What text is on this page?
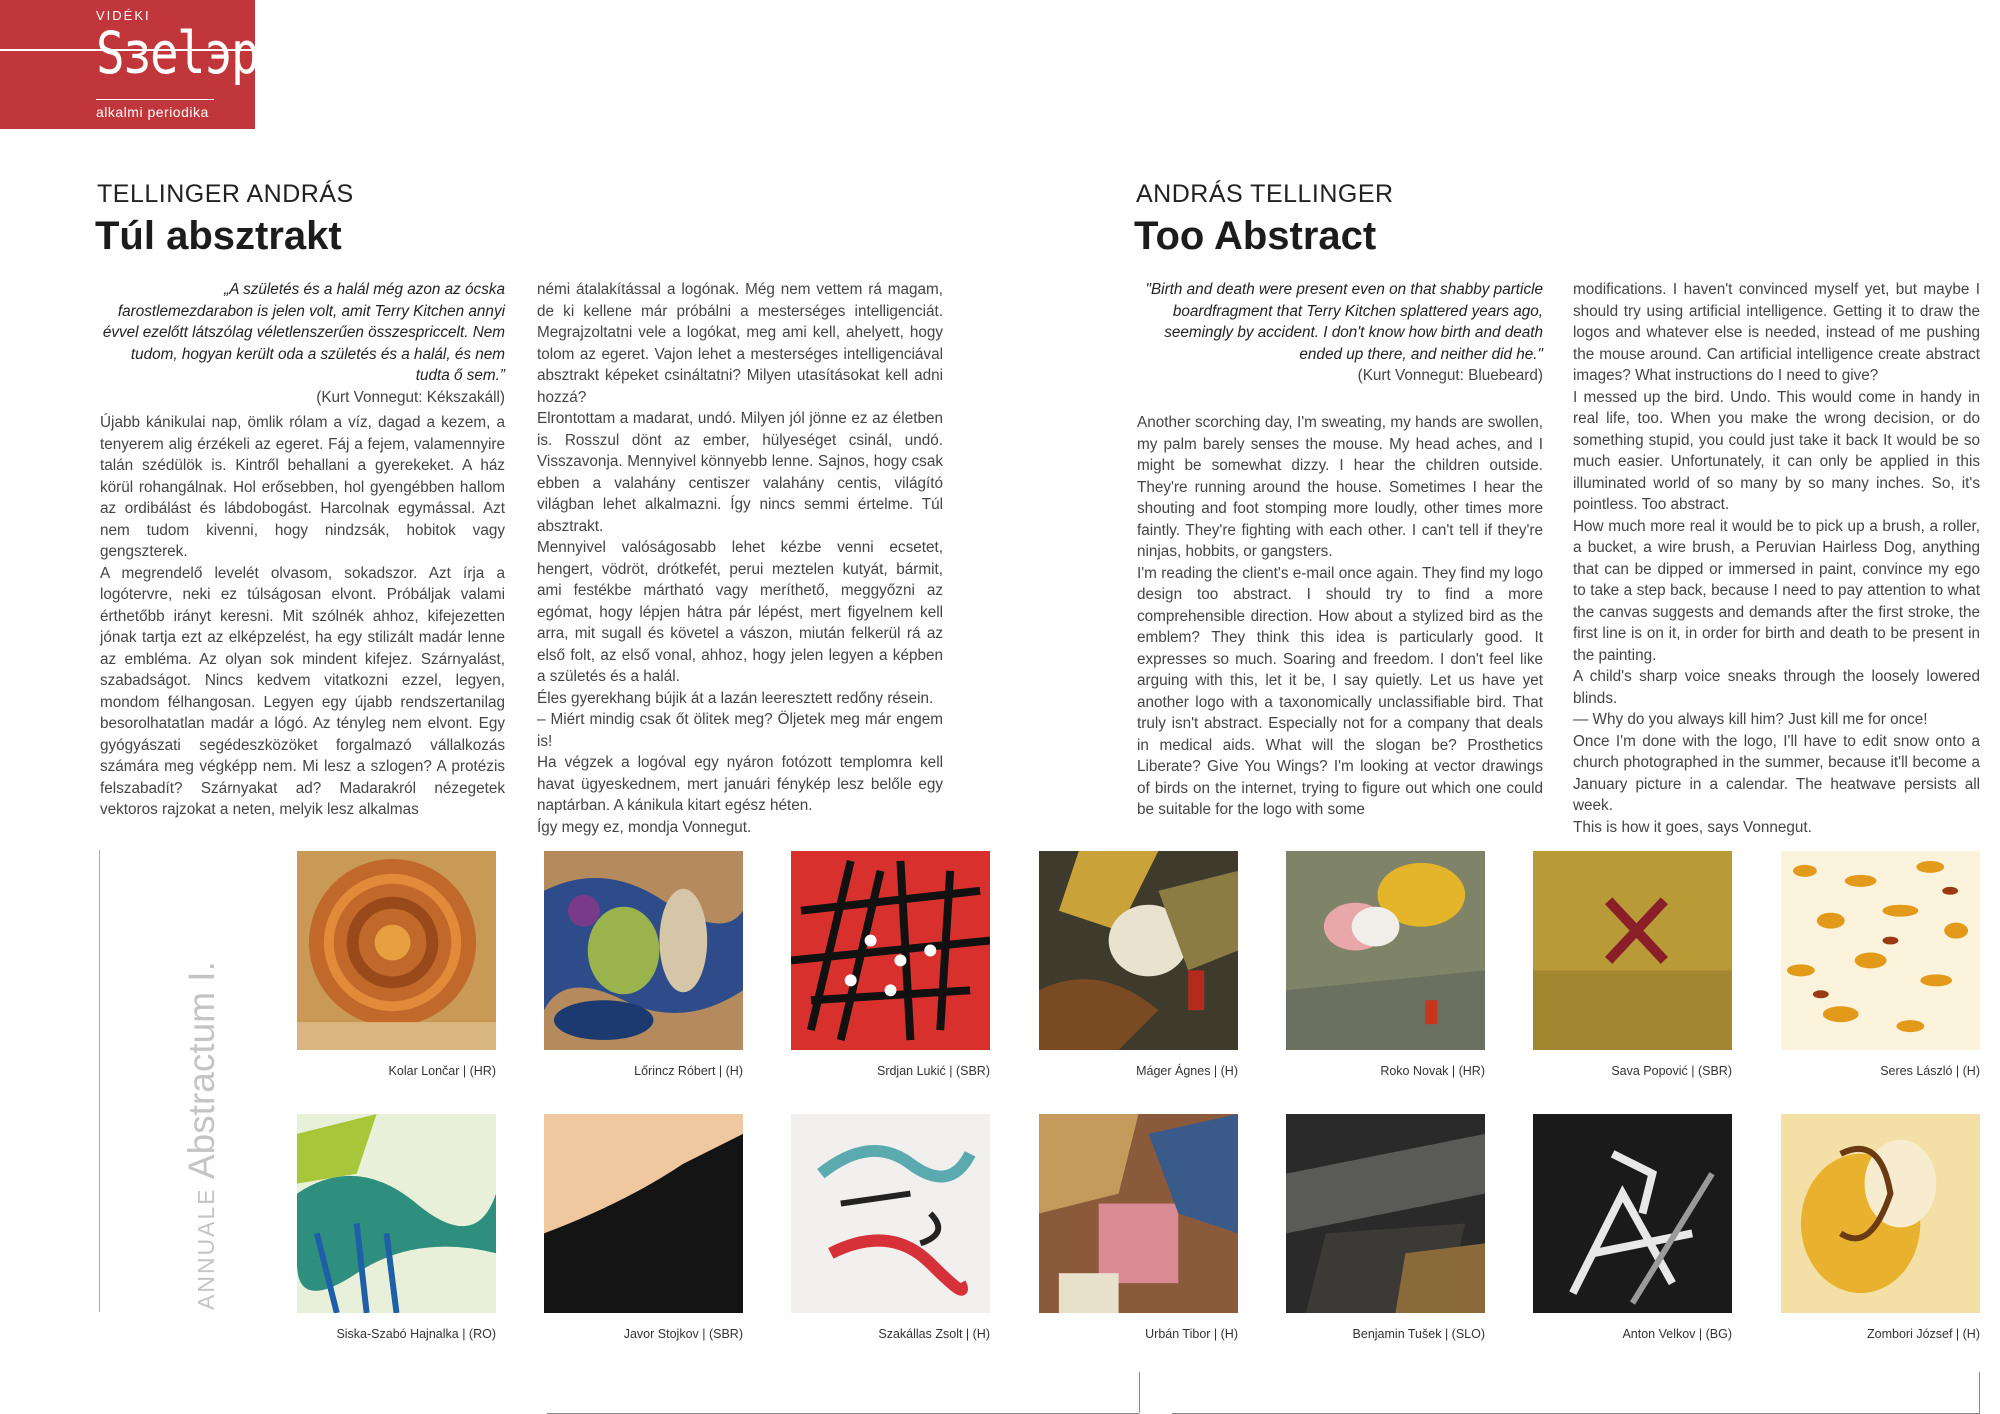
VIDÉKI
Sзelэp
alkalmi periodika
TELLINGER ANDRÁS
Túl absztrakt
„A születés és a halál még azon az ócska farostlemezdarabon is jelen volt, amit Terry Kitchen annyi évvel ezelőtt látszólag véletlenszerűen összespriccelt. Nem tudom, hogyan került oda a születés és a halál, és nem tudta ő sem.”
(Kurt Vonnegut: Kékszakáll)

Újabb kánikulai nap, ömlik rólam a víz, dagad a kezem, a tenyerem alig érzékeli az egeret. Fáj a fejem, valamennyire talán szédülök is. Kintről behallani a gyerekeket. A ház körül rohangálnak. Hol erősebben, hol gyengébben hallom az ordibálást és lábdobogást. Harcolnak egymással. Azt nem tudom kivenni, hogy nindzsák, hobitok vagy gengszterek.

A megrendelő levelét olvasom, sokadszor. Azt írja a logótervre, neki ez túlságosan elvont. Próbáljak valami érthetőbb irányt keresni. Mit szólnék ahhoz, kifejezetten jónak tartja ezt az elképzelést, ha egy stilizált madár lenne az embléma. Az olyan sok mindent kifejez. Szárnyalást, szabadságot. Nincs kedvem vitatkozni ezzel, legyen, mondom félhangosan. Legyen egy újabb rendszertanilag besorolhatatlan madár a lógó. Az tényleg nem elvont. Egy gyógyászati segédeszközöket forgalmazó vállalkozás számára meg végképp nem. Mi lesz a szlogen? A protézis felszabadít? Szárnyakat ad? Madarakról nézegetek vektoros rajzokat a neten, melyik lesz alkalmas

némi átalakítással a logónak. Még nem vettem rá magam, de ki kellene már próbálni a mesterséges intelligenciát. Megrajzoltatni vele a logókat, meg ami kell, ahelyett, hogy tolom az egeret. Vajon lehet a mesterséges intelligenciával absztrakt képeket csináltatni? Milyen utasításokat kell adni hozzá?

Elrontottam a madarat, undó. Milyen jól jönne ez az életben is. Rosszul dönt az ember, hülyeséget csinál, undó. Visszavonja. Mennyivel könnyebb lenne. Sajnos, hogy csak ebben a valahány centiszer valahány centis, világító világban lehet alkalmazni. Így nincs semmi értelme. Túl absztrakt.

Mennyivel valóságosabb lehet kézbe venni ecsetet, hengert, vödröt, drótkefét, perui meztelen kutyát, bármit, ami festékbe mártható vagy meríthető, meggyőzni az egómat, hogy lépjen hátra pár lépést, mert figyelnem kell arra, mit sugall és követel a vászon, miután felkerül rá az első folt, az első vonal, ahhoz, hogy jelen legyen a képben a születés és a halál.

Éles gyerekhang bújik át a lazán leeresztett redőny résein.

– Miért mindig csak őt ölitek meg? Öljetek meg már engem is!

Ha végzek a logóval egy nyáron fotózott templomra kell havat ügyeskednem, mert januári fénykép lesz belőle egy naptárban. A kánikula kitart egész héten.

Így megy ez, mondja Vonnegut.

ANDRÁS TELLINGER
Too Abstract
"Birth and death were present even on that shabby particle boardfragment that Terry Kitchen splattered years ago, seemingly by accident. I don't know how birth and death ended up there, and neither did he."
(Kurt Vonnegut: Bluebeard)

Another scorching day, I'm sweating, my hands are swollen, my palm barely senses the mouse. My head aches, and I might be somewhat dizzy. I hear the children outside. They're running around the house. Sometimes I hear the shouting and foot stomping more loudly, other times more faintly. They're fighting with each other. I can't tell if they're ninjas, hobbits, or gangsters.

I'm reading the client's e-mail once again. They find my logo design too abstract. I should try to find a more comprehensible direction. How about a stylized bird as the emblem? They think this idea is particularly good. It expresses so much. Soaring and freedom. I don't feel like arguing with this, let it be, I say quietly. Let us have yet another logo with a taxonomically unclassifiable bird. That truly isn't abstract. Especially not for a company that deals in medical aids. What will the slogan be? Prosthetics Liberate? Give You Wings? I'm looking at vector drawings of birds on the internet, trying to figure out which one could be suitable for the logo with some

modifications. I haven't convinced myself yet, but maybe I should try using artificial intelligence. Getting it to draw the logos and whatever else is needed, instead of me pushing the mouse around. Can artificial intelligence create abstract images? What instructions do I need to give?

I messed up the bird. Undo. This would come in handy in real life, too. When you make the wrong decision, or do something stupid, you could just take it back It would be so much easier. Unfortunately, it can only be applied in this illuminated world of so many by so many inches. So, it's pointless. Too abstract.

How much more real it would be to pick up a brush, a roller, a bucket, a wire brush, a Peruvian Hairless Dog, anything that can be dipped or immersed in paint, convince my ego to take a step back, because I need to pay attention to what the canvas suggests and demands after the first stroke, the first line is on it, in order for birth and death to be present in the painting.

A child's sharp voice sneaks through the loosely lowered blinds.

— Why do you always kill him? Just kill me for once!

Once I'm done with the logo, I'll have to edit snow onto a church photographed in the summer, because it'll become a January picture in a calendar. The heatwave persists all week.

This is how it goes, says Vonnegut.

ANNUALE Abstractum I.	Kolar Lončar | (HR)	Lőrincz Róbert | (H)	Srdjan Lukić | (SBR)	Máger Ágnes | (H)	Roko Novak | (HR)	Sava Popović | (SBR)	Seres László | (H)
Siska-Szabó Hajnalka | (RO)	Javor Stojkov | (SBR)	Szakállas Zsolt | (H)	Urbán Tibor | (H)	Benjamin Tušek | (SLO)	Anton Velkov | (BG)	Zombori József | (H)
